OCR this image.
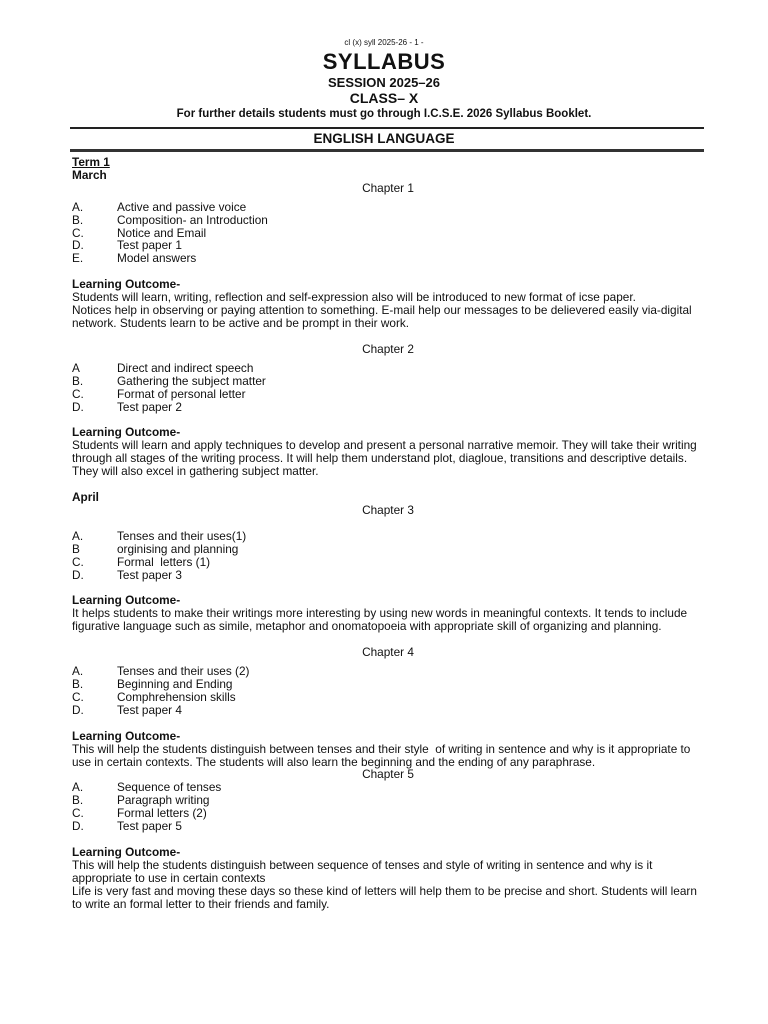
cl (x) syll 2025-26 - 1 -
SYLLABUS
SESSION 2025–26
CLASS– X
For further details students must go through I.C.S.E. 2026 Syllabus Booklet.
ENGLISH LANGUAGE
Term 1
March
Chapter 1
A.	Active and passive voice
B.	Composition- an Introduction
C.	Notice and Email
D.	Test paper 1
E.	Model answers
Learning Outcome-
Students will learn, writing, reflection and self-expression also will be introduced to new format of icse paper.
Notices help in observing or paying attention to something. E-mail help our messages to be delievered easily via-digital network. Students learn to be active and be prompt in their work.
Chapter 2
A	Direct and indirect speech
B.	Gathering the subject matter
C.	Format of personal letter
D.	Test paper 2
Learning Outcome-
Students will learn and apply techniques to develop and present a personal narrative memoir. They will take their writing through all stages of the writing process. It will help them understand plot, diagloue, transitions and descriptive details. They will also excel in gathering subject matter.
April
Chapter 3
A.	Tenses and their uses(1)
B	orginising and planning
C.	Formal  letters (1)
D.	Test paper 3
Learning Outcome-
It helps students to make their writings more interesting by using new words in meaningful contexts. It tends to include figurative language such as simile, metaphor and onomatopoeia with appropriate skill of organizing and planning.
Chapter 4
A.	Tenses and their uses (2)
B.	Beginning and Ending
C.	Comphrehension skills
D.	Test paper 4
Learning Outcome-
This will help the students distinguish between tenses and their style  of writing in sentence and why is it appropriate to use in certain contexts. The students will also learn the beginning and the ending of any paraphrase.
Chapter 5
A.	Sequence of tenses
B.	Paragraph writing
C.	Formal letters (2)
D.	Test paper 5
Learning Outcome-
This will help the students distinguish between sequence of tenses and style of writing in sentence and why is it appropriate to use in certain contexts
Life is very fast and moving these days so these kind of letters will help them to be precise and short. Students will learn to write an formal letter to their friends and family.
